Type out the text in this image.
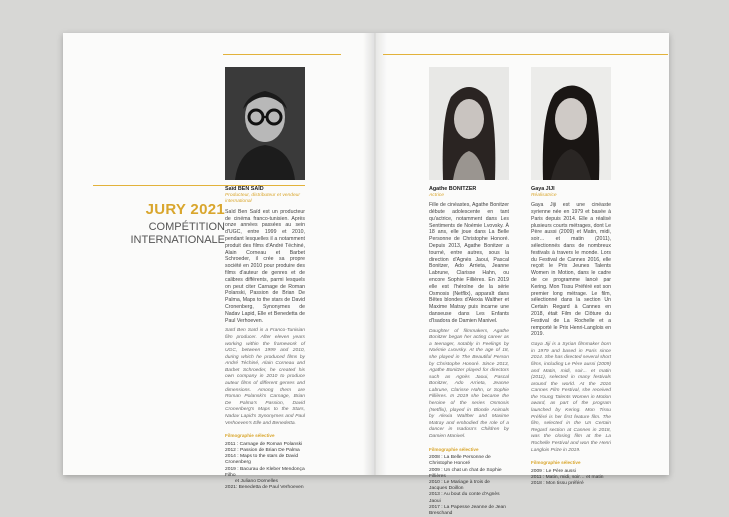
JURY 2021
COMPÉTITION
INTERNATIONALE
Saïd BEN SAÏD
Producteur, distributeur et vendeur international

Saïd Ben Saïd est un producteur de cinéma franco-tunisien. Après onze années passées au sein d'UGC, entre 1999 et 2010, pendant lesquelles il a notamment produit des films d'André Téchiné, Alain Corneau et Barbet Schroeder, il crée sa propre société en 2010 pour produire des films d'auteur de genres et de calibres différents, parmi lesquels on peut citer Carnage de Roman Polanski, Passion de Brian De Palma, Maps to the stars de David Cronenberg, Synonymes de Nadav Lapid, Elle et Benedetta de Paul Verhoeven.

Saïd Ben Saïd is a Franco-Tunisian film producer. After eleven years working within the framework of UGC, between 1999 and 2010, during which he produced films by André Téchiné, Alain Corneau and Barbet Schroeder, he created his own company in 2010 to produce auteur films of different genres and dimensions. Among them are Roman Polanski's Carnage, Brian De Palma's Passion, David Cronenberg's Maps to the Stars, Nadav Lapid's Synonymes and Paul Verhoeven's Elle and Benedetta.

Filmographie sélective
2011 : Carnage de Roman Polanski
2012 : Passion de Brian De Palma
2014 : Maps to the stars de David Cronenberg
2019 : Bacurau de Kleber Mendonça Filho
et Juliano Dornelles
2021: Benedetta de Paul Verhoeven
Agathe BONITZER
Actrice

Fille de cinéastes, Agathe Bonitzer débute adolescente en tant qu'actrice, notamment dans Les Sentiments de Noémie Lvovsky. À 18 ans, elle joue dans La Belle Personne de Christophe Honoré. Depuis 2013, Agathe Bonitzer a tourné, entre autres, sous la direction d'Agnès Jaoui, Pascal Bonitzer, Ado Arrieta, Jeanne Labrune, Clarisse Hahn, ou encore Sophie Fillières. En 2019 elle est l'héroïne de la série Osmosis (Netflix), apparaît dans Bêtes blondes d'Alexia Walther et Maxime Matray puis incarne une danseuse dans Les Enfants d'Isadora de Damien Manivel.

Daughter of filmmakers, Agathe Bonitzer began her acting career as a teenager, notably in Feelings by Noémie Lvovsky. At the age of 18, she played in The Beautiful Person by Christophe Honoré. Since 2013, Agathe Bonitzer played for directors such as Agnès Jaoui, Pascal Bonitzer, Ado Arrieta, Jeanne Labrune, Clarisse Hahn, or Sophie Fillières. In 2019 she became the heroine of the series Osmosis (Netflix), played in Blonde Animals by Alexia Walther and Maxime Matray and embodied the role of a dancer in Isadora's Children by Damien Manivel.

Filmographie sélective
2008 : La Belle Personne de Christophe Honoré
2009 : Un chat un chat de Sophie Fillières
2010 : Le Mariage à trois de Jacques Doillon
2013 : Au bout du conte d'Agnès Jaoui
2017 : La Papesse Jeanne de Jean Breschand
Gaya JIJI
Réalisatrice

Gaya Jiji est une cinéaste syrienne née en 1979 et basée à Paris depuis 2014. Elle a réalisé plusieurs courts métrages, dont Le Père aussi (2009) et Matin, midi, soir… et matin (2011), sélectionnés dans de nombreux festivals à travers le monde. Lors du Festival de Cannes 2016, elle reçoit le Prix Jeunes Talents Women in Motion, dans le cadre de ce programme lancé par Kering. Mon Tissu Préféré est son premier long métrage. Le film, sélectionné dans la section Un Certain Regard à Cannes en 2018, était Film de Clôture du Festival de La Rochelle et a remporté le Prix Henri-Langlois en 2019.

Gaya Jiji is a Syrian filmmaker born in 1979 and based in Paris since 2014. She has directed several short films, including Le Père aussi (2009) and Matin, midi, soir... et matin (2011), selected in many festivals around the world. At the 2016 Cannes Film Festival, she received the Young Talents Women in Motion award, as part of the program launched by Kering. Mon Tissu Préféré is her first feature film. The film, selected in the Un Certain Regard section at Cannes in 2018, was the closing film at the La Rochelle Festival and won the Henri Langlois Prize in 2019.

Filmographie sélective
2009 : Le Père aussi
2011 : Matin, midi, soir… et matin
2018 : Mon tissu préféré
